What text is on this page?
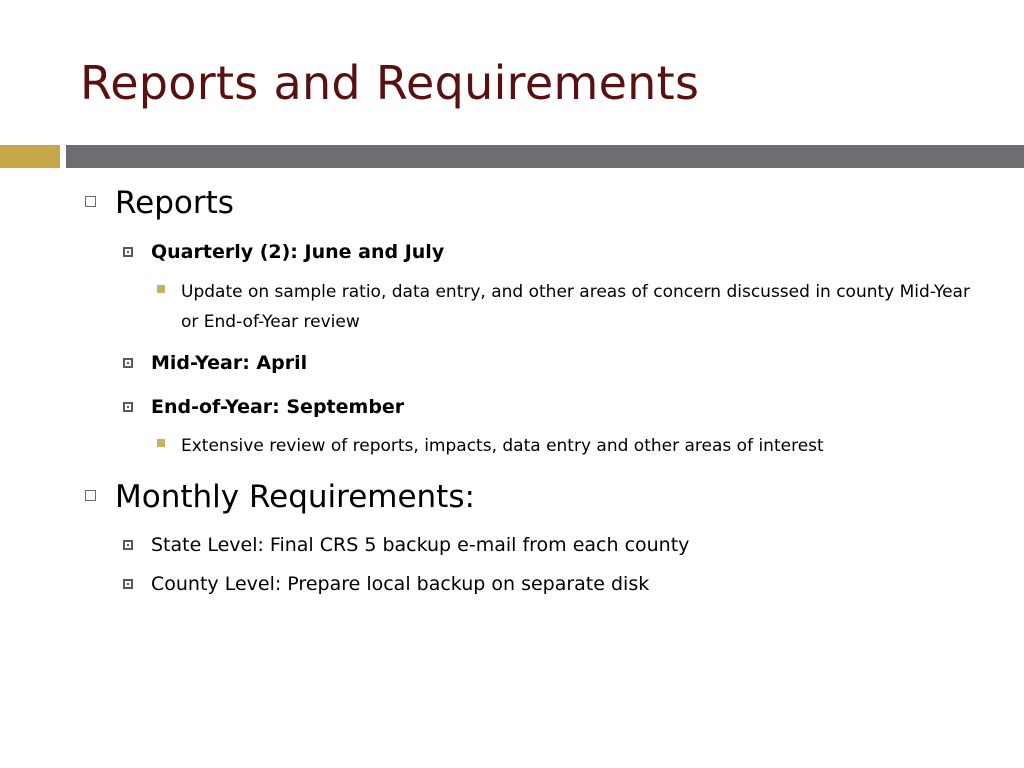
Reports and Requirements
Reports
Quarterly (2): June and July
Update on sample ratio, data entry, and other areas of concern discussed in county Mid-Year or End-of-Year review
Mid-Year: April
End-of-Year: September
Extensive review of reports, impacts, data entry and other areas of interest
Monthly Requirements:
State Level: Final CRS 5 backup e-mail from each county
County Level: Prepare local backup on separate disk
